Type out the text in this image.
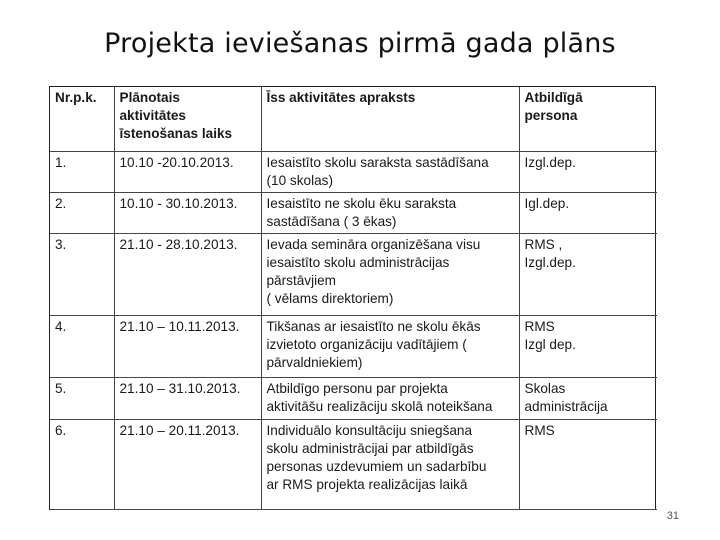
Projekta ieviešanas pirmā gada plāns
Nr.p.k.	Plānotais
aktivitātes
īstenošanas laiks	Īss aktivitātes apraksts	Atbildīgā
persona

1.	10.10 -20.10.2013.	Iesaistīto skolu saraksta sastādīšana
(10 skolas)	Izgl.dep.

2.	10.10 - 30.10.2013.	Iesaistīto ne skolu ēku saraksta
sastādīšana ( 3 ēkas)	Igl.dep.

3.	21.10 - 28.10.2013.	Ievada semināra organizēšana visu
iesaistīto skolu administrācijas
pārstāvjiem
( vēlams direktoriem)	RMS ,
Izgl.dep.

4.	21.10 – 10.11.2013.	Tikšanas ar iesaistīto ne skolu ēkās
izvietoto organizāciju vadītājiem (
pārvaldniekiem)	RMS
Izgl dep.

5.	21.10 – 31.10.2013.	Atbildīgo personu par projekta
aktivitāšu realizāciju skolā noteikšana	Skolas
administrācija

6.	21.10 – 20.11.2013.	Individuālo konsultāciju sniegšana
skolu administrācijai par atbildīgās
personas uzdevumiem un sadarbību
ar RMS projekta realizācijas laikā	RMS
31
